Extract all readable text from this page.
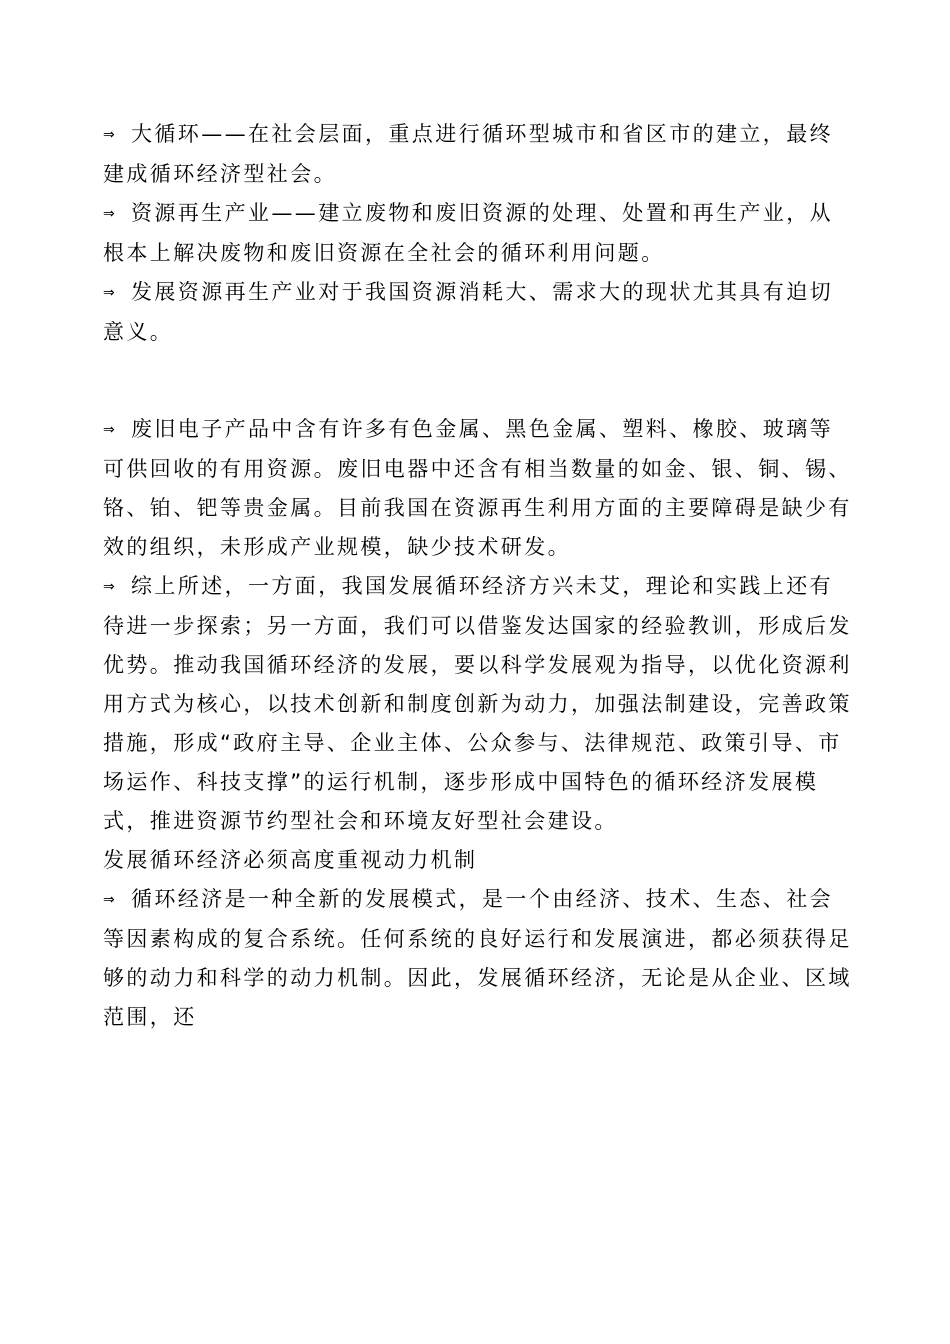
⇒ 大循环——在社会层面，重点进行循环型城市和省区市的建立，最终建成循环经济型社会。

⇒ 资源再生产业——建立废物和废旧资源的处理、处置和再生产业，从根本上解决废物和废旧资源在全社会的循环利用问题。

⇒ 发展资源再生产业对于我国资源消耗大、需求大的现状尤其具有迫切意义。

⇒ 废旧电子产品中含有许多有色金属、黑色金属、塑料、橡胶、玻璃等可供回收的有用资源。废旧电器中还含有相当数量的如金、银、铜、锡、铬、铂、钯等贵金属。目前我国在资源再生利用方面的主要障碍是缺少有效的组织，未形成产业规模，缺少技术研发。

⇒ 综上所述，一方面，我国发展循环经济方兴未艾，理论和实践上还有待进一步探索；另一方面，我们可以借鉴发达国家的经验教训，形成后发优势。推动我国循环经济的发展，要以科学发展观为指导，以优化资源利用方式为核心，以技术创新和制度创新为动力，加强法制建设，完善政策措施，形成“政府主导、企业主体、公众参与、法律规范、政策引导、市场运作、科技支撑”的运行机制，逐步形成中国特色的循环经济发展模式，推进资源节约型社会和环境友好型社会建设。

发展循环经济必须高度重视动力机制

⇒ 循环经济是一种全新的发展模式，是一个由经济、技术、生态、社会等因素构成的复合系统。任何系统的良好运行和发展演进，都必须获得足够的动力和科学的动力机制。因此，发展循环经济，无论是从企业、区域范围，还
